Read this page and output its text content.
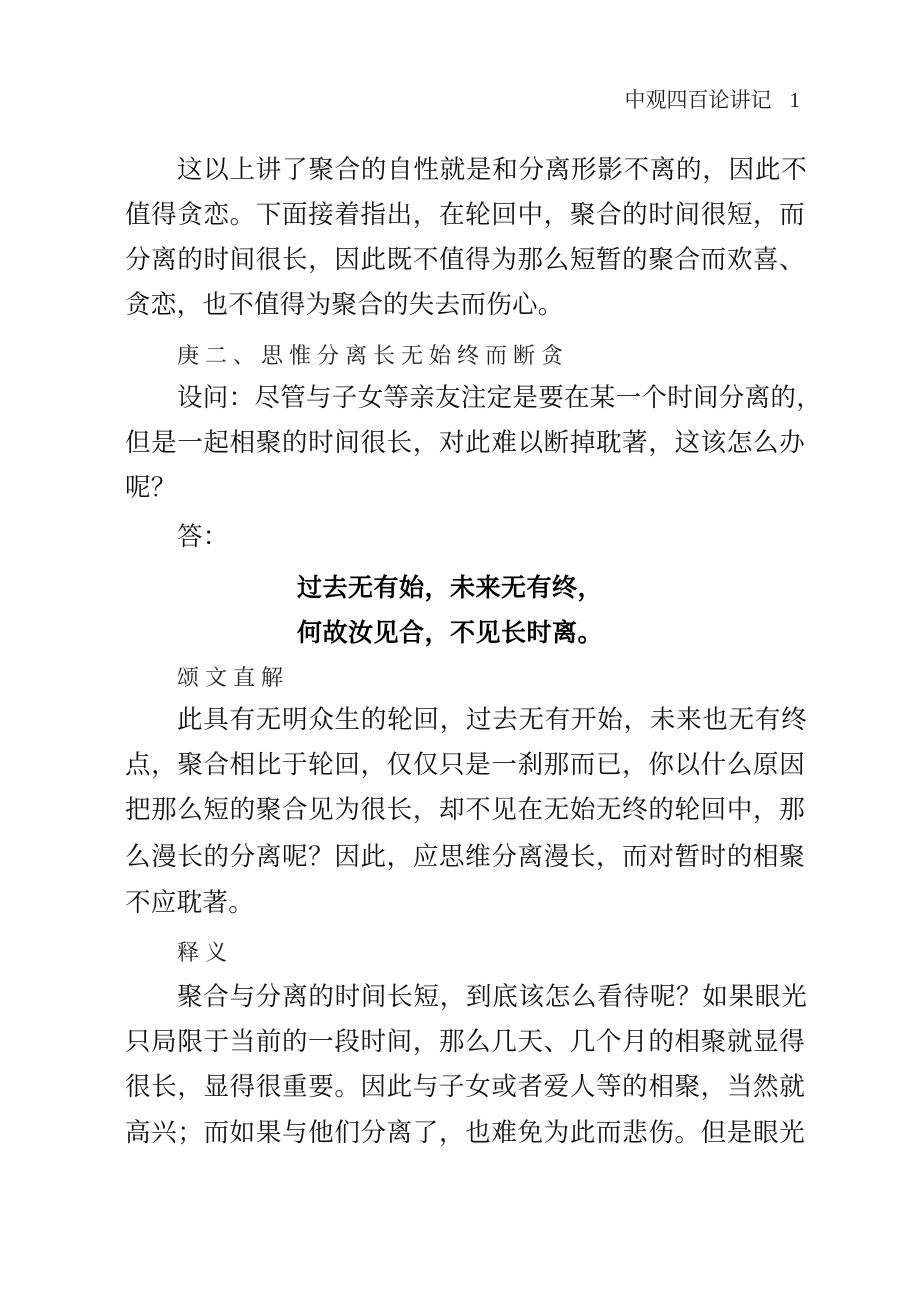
中观四百论讲记 1
这以上讲了聚合的自性就是和分离形影不离的，因此不
值得贪恋。下面接着指出，在轮回中，聚合的时间很短，而
分离的时间很长，因此既不值得为那么短暂的聚合而欢喜、
贪恋，也不值得为聚合的失去而伤心。
庚二、思惟分离长无始终而断贪
设问：尽管与子女等亲友注定是要在某一个时间分离的，
但是一起相聚的时间很长，对此难以断掉耽著，这该怎么办
呢？
答：
过去无有始，未来无有终，
何故汝见合，不见长时离。
颂文直解
此具有无明众生的轮回，过去无有开始，未来也无有终
点，聚合相比于轮回，仅仅只是一刹那而已，你以什么原因
把那么短的聚合见为很长，却不见在无始无终的轮回中，那
么漫长的分离呢？因此，应思维分离漫长，而对暂时的相聚
不应耽著。
释义
聚合与分离的时间长短，到底该怎么看待呢？如果眼光
只局限于当前的一段时间，那么几天、几个月的相聚就显得
很长，显得很重要。因此与子女或者爱人等的相聚，当然就
高兴；而如果与他们分离了，也难免为此而悲伤。但是眼光
